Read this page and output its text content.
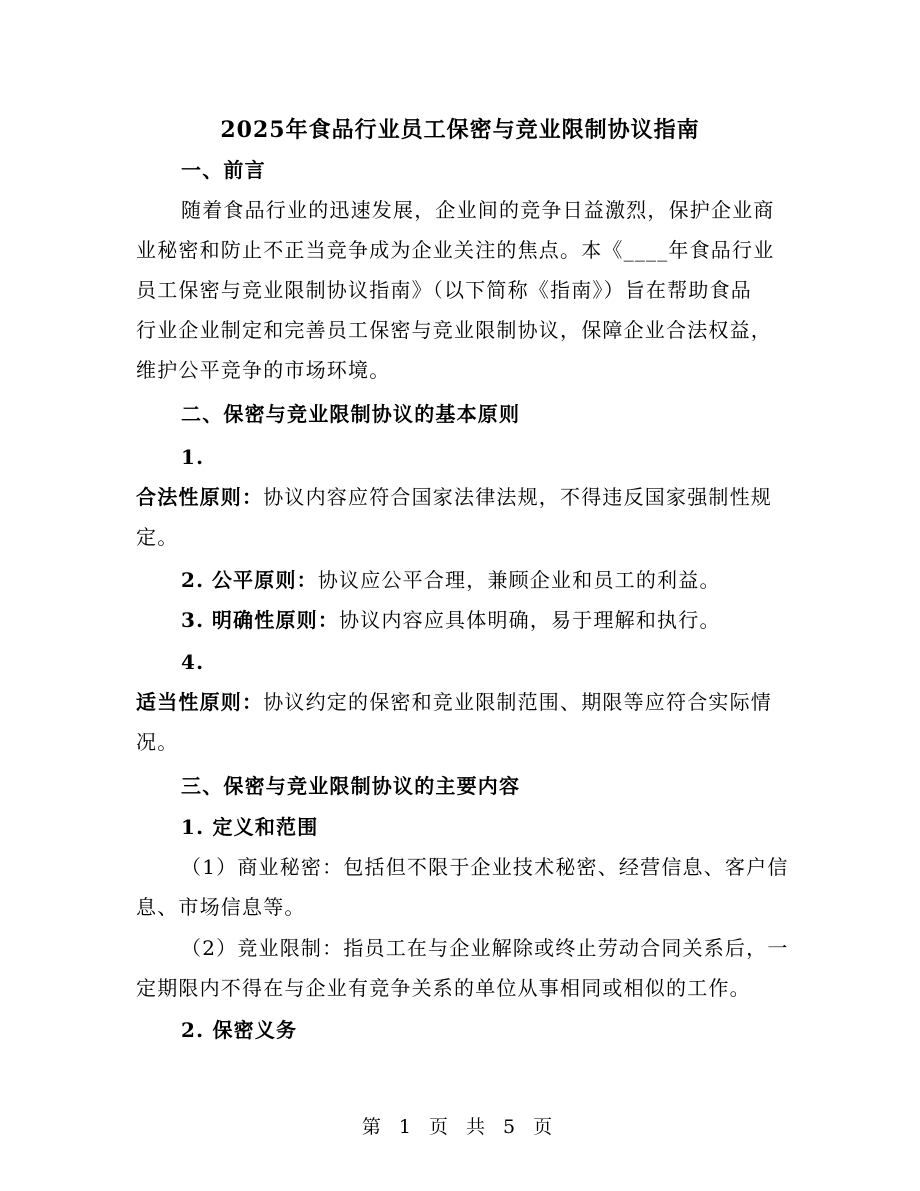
2025年食品行业员工保密与竞业限制协议指南
一、前言
随着食品行业的迅速发展，企业间的竞争日益激烈，保护企业商
业秘密和防止不正当竞争成为企业关注的焦点。本《____年食品行业
员工保密与竞业限制协议指南》（以下简称《指南》）旨在帮助食品
行业企业制定和完善员工保密与竞业限制协议，保障企业合法权益，
维护公平竞争的市场环境。
二、保密与竞业限制协议的基本原则
1.
合法性原则：协议内容应符合国家法律法规，不得违反国家强制性规
定。
2. 公平原则：协议应公平合理，兼顾企业和员工的利益。
3. 明确性原则：协议内容应具体明确，易于理解和执行。
4.
适当性原则：协议约定的保密和竞业限制范围、期限等应符合实际情
况。
三、保密与竞业限制协议的主要内容
1. 定义和范围
（1）商业秘密：包括但不限于企业技术秘密、经营信息、客户信
息、市场信息等。
（2）竞业限制：指员工在与企业解除或终止劳动合同关系后，一
定期限内不得在与企业有竞争关系的单位从事相同或相似的工作。
2. 保密义务
第 1 页 共 5 页
